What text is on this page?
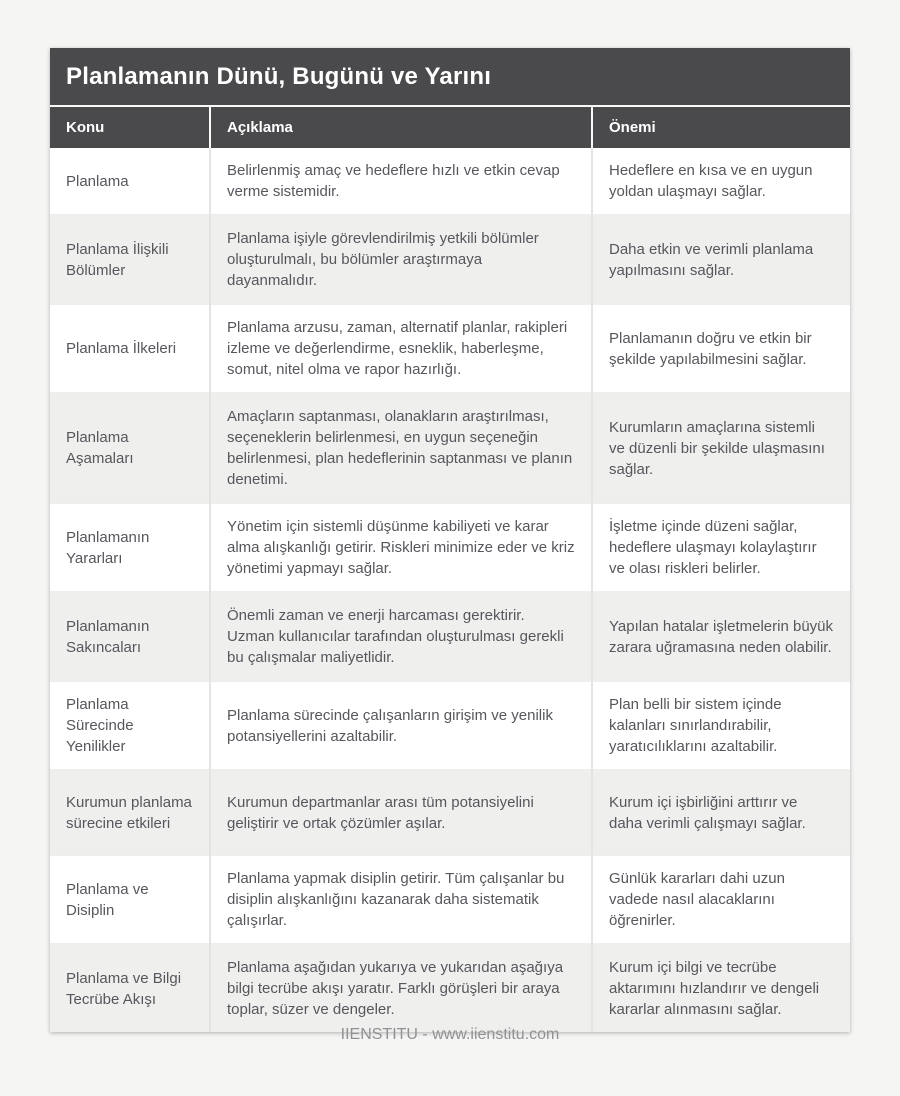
Planlamanın Dünü, Bugünü ve Yarını
Konu	Açıklama	Önemi
Planlama	Belirlenmiş amaç ve hedeflere hızlı ve etkin cevap verme sistemidir.	Hedeflere en kısa ve en uygun yoldan ulaşmayı sağlar.
Planlama İlişkili Bölümler	Planlama işiyle görevlendirilmiş yetkili bölümler oluşturulmalı, bu bölümler araştırmaya dayanmalıdır.	Daha etkin ve verimli planlama yapılmasını sağlar.
Planlama İlkeleri	Planlama arzusu, zaman, alternatif planlar, rakipleri izleme ve değerlendirme, esneklik, haberleşme, somut, nitel olma ve rapor hazırlığı.	Planlamanın doğru ve etkin bir şekilde yapılabilmesini sağlar.
Planlama Aşamaları	Amaçların saptanması, olanakların araştırılması, seçeneklerin belirlenmesi, en uygun seçeneğin belirlenmesi, plan hedeflerinin saptanması ve planın denetimi.	Kurumların amaçlarına sistemli ve düzenli bir şekilde ulaşmasını sağlar.
Planlamanın Yararları	Yönetim için sistemli düşünme kabiliyeti ve karar alma alışkanlığı getirir. Riskleri minimize eder ve kriz yönetimi yapmayı sağlar.	İşletme içinde düzeni sağlar, hedeflere ulaşmayı kolaylaştırır ve olası riskleri belirler.
Planlamanın Sakıncaları	Önemli zaman ve enerji harcaması gerektirir. Uzman kullanıcılar tarafından oluşturulması gerekli bu çalışmalar maliyetlidir.	Yapılan hatalar işletmelerin büyük zarara uğramasına neden olabilir.
Planlama Sürecinde Yenilikler	Planlama sürecinde çalışanların girişim ve yenilik potansiyellerini azaltabilir.	Plan belli bir sistem içinde kalanları sınırlandırabilir, yaratıcılıklarını azaltabilir.
Kurumun planlama sürecine etkileri	Kurumun departmanlar arası tüm potansiyelini geliştirir ve ortak çözümler aşılar.	Kurum içi işbirliğini arttırır ve daha verimli çalışmayı sağlar.
Planlama ve Disiplin	Planlama yapmak disiplin getirir. Tüm çalışanlar bu disiplin alışkanlığını kazanarak daha sistematik çalışırlar.	Günlük kararları dahi uzun vadede nasıl alacaklarını öğrenirler.
Planlama ve Bilgi Tecrübe Akışı	Planlama aşağıdan yukarıya ve yukarıdan aşağıya bilgi tecrübe akışı yaratır. Farklı görüşleri bir araya toplar, süzer ve dengeler.	Kurum içi bilgi ve tecrübe aktarımını hızlandırır ve dengeli kararlar alınmasını sağlar.
IIENSTITU - www.iienstitu.com
